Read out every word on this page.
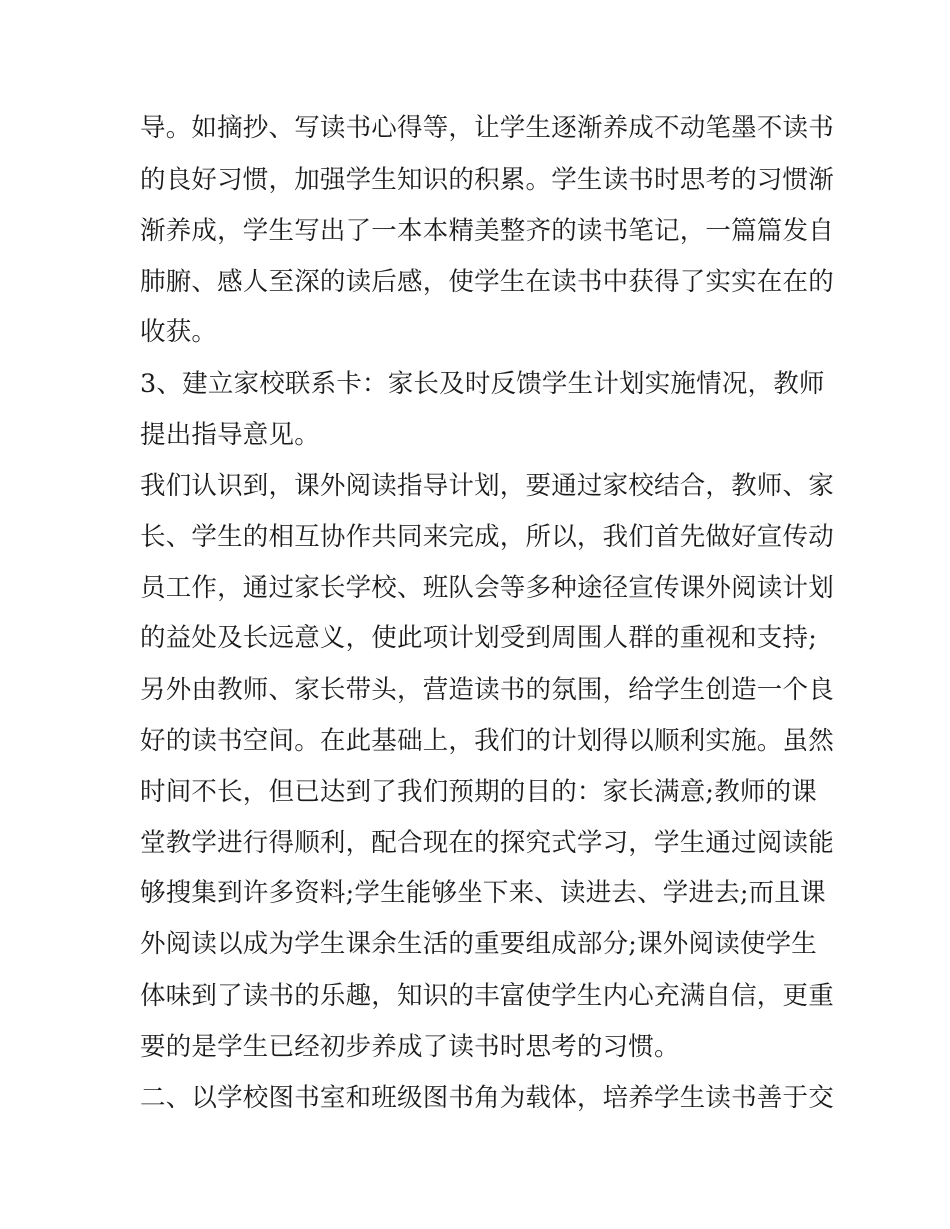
导。如摘抄、写读书心得等，让学生逐渐养成不动笔墨不读书
的良好习惯，加强学生知识的积累。学生读书时思考的习惯渐
渐养成，学生写出了一本本精美整齐的读书笔记，一篇篇发自
肺腑、感人至深的读后感，使学生在读书中获得了实实在在的
收获。
3、建立家校联系卡：家长及时反馈学生计划实施情况，教师
提出指导意见。
我们认识到，课外阅读指导计划，要通过家校结合，教师、家
长、学生的相互协作共同来完成，所以，我们首先做好宣传动
员工作，通过家长学校、班队会等多种途径宣传课外阅读计划
的益处及长远意义，使此项计划受到周围人群的重视和支持;
另外由教师、家长带头，营造读书的氛围，给学生创造一个良
好的读书空间。在此基础上，我们的计划得以顺利实施。虽然
时间不长，但已达到了我们预期的目的：家长满意;教师的课
堂教学进行得顺利，配合现在的探究式学习，学生通过阅读能
够搜集到许多资料;学生能够坐下来、读进去、学进去;而且课
外阅读以成为学生课余生活的重要组成部分;课外阅读使学生
体味到了读书的乐趣，知识的丰富使学生内心充满自信，更重
要的是学生已经初步养成了读书时思考的习惯。
二、以学校图书室和班级图书角为载体，培养学生读书善于交
